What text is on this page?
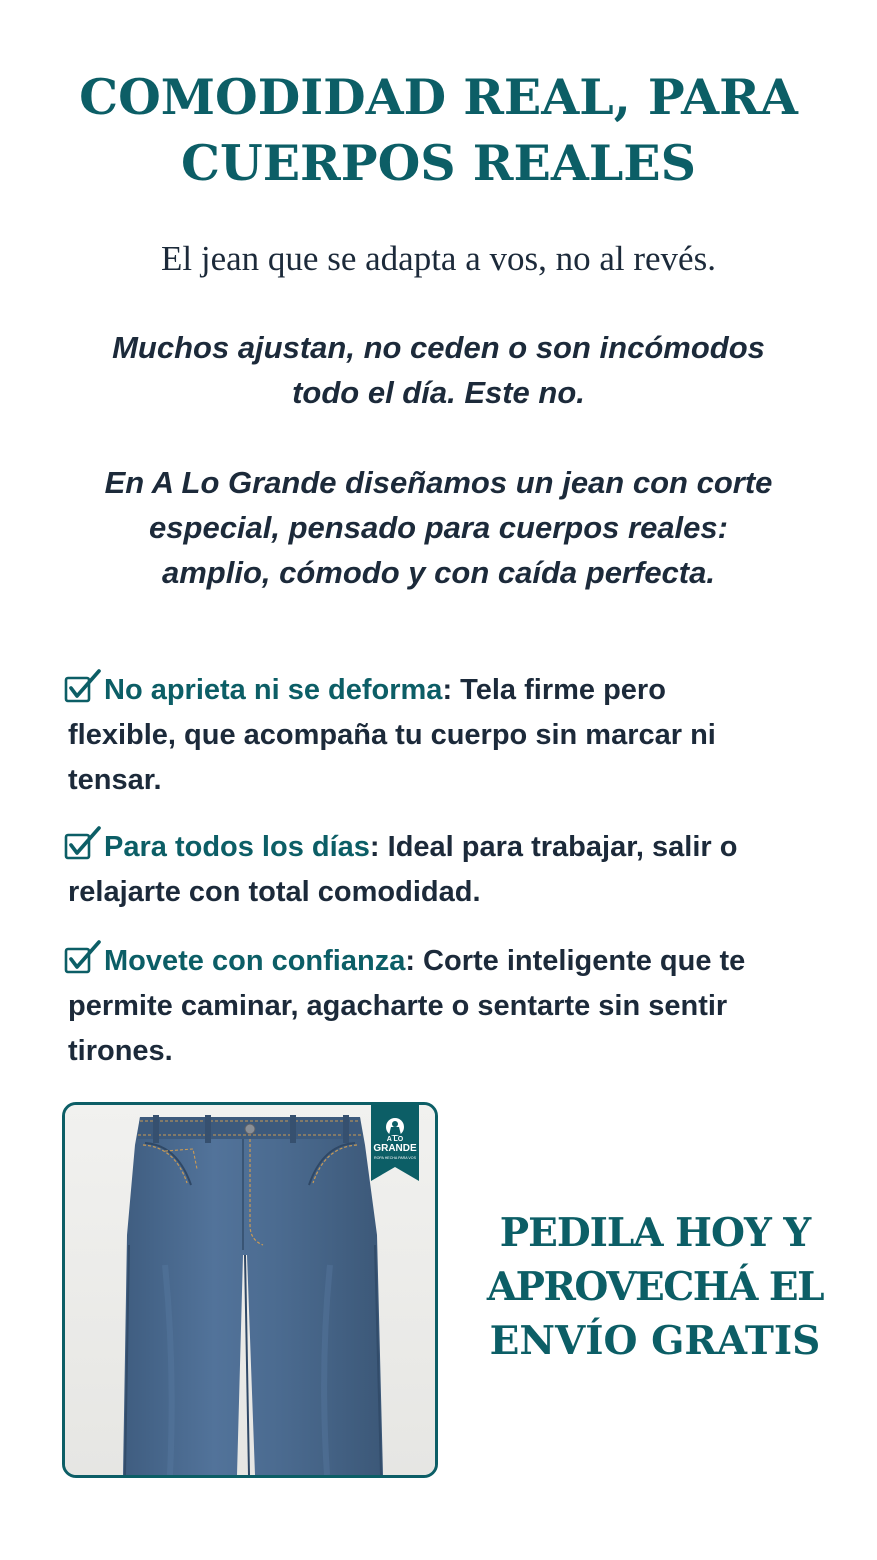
COMODIDAD REAL, PARA
CUERPOS REALES

El jean que se adapta a vos, no al revés.

Muchos ajustan, no ceden o son incómodos
todo el día. Este no.

En A Lo Grande diseñamos un jean con corte
especial, pensado para cuerpos reales:
amplio, cómodo y con caída perfecta.

No aprieta ni se deforma: Tela firme pero
flexible, que acompaña tu cuerpo sin marcar ni
tensar.
Para todos los días: Ideal para trabajar, salir o
relajarte con total comodidad.
Movete con confianza: Corte inteligente que te
permite caminar, agacharte o sentarte sin sentir
tirones.
A LO
GRANDE
ROPA HECHA PARA VOS
PEDILA HOY Y
APROVECHÁ EL
ENVÍO GRATIS
